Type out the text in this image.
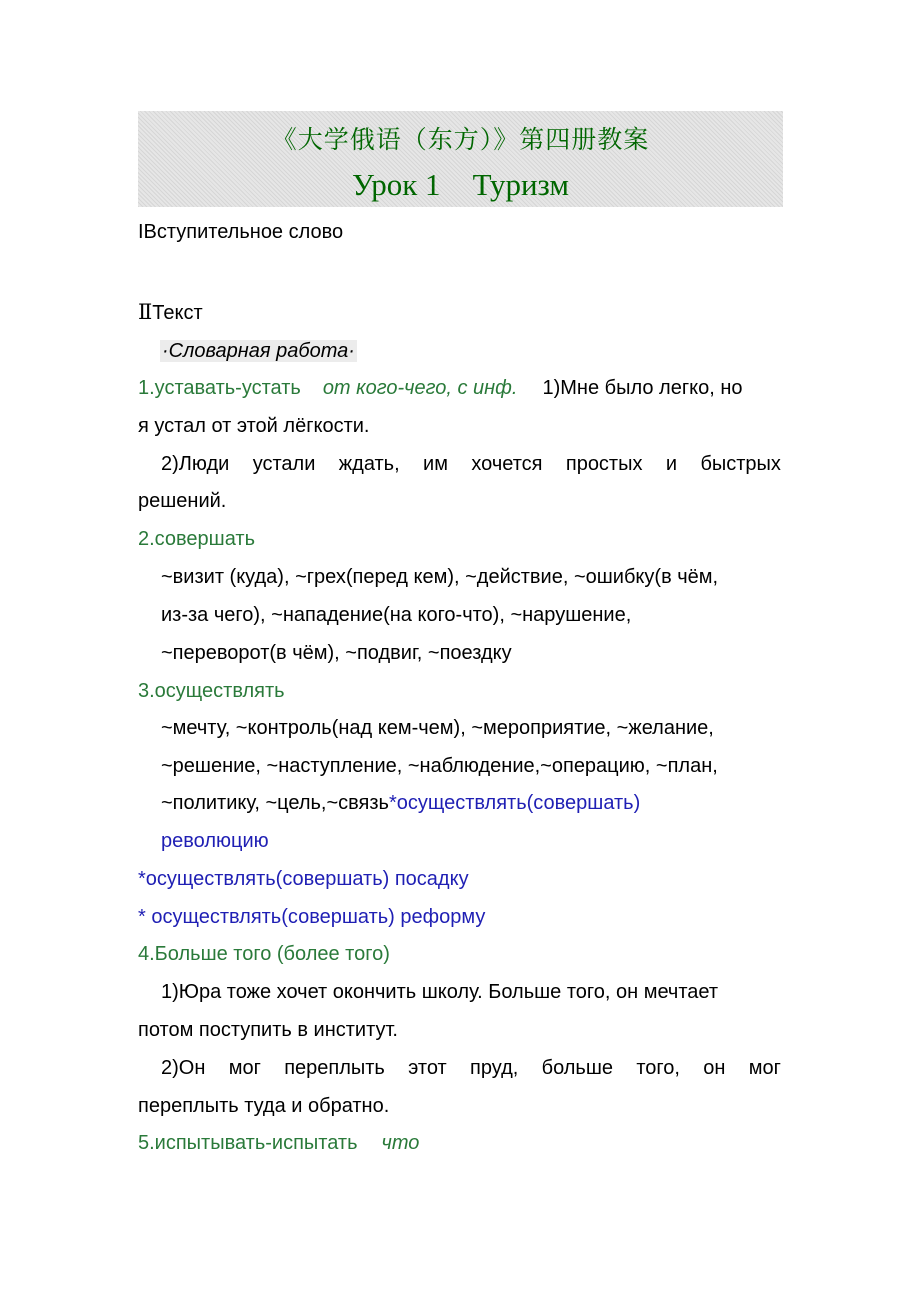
《大学俄语（东方）》第四册教案
Урок 1 Туризм
IВступительное слово
ⅡТекст
·Словарная работа·
1.уставать-устать от кого-чего, с инф. 1)Мне было легко, но
я устал от этой лёгкости.
2)Люди устали ждать, им хочется простых и быстрых
решений.
2.совершать
~визит (куда), ~грех(перед кем), ~действие, ~ошибку(в чём,
из-за чего), ~нападение(на кого-что), ~нарушение,
~переворот(в чём), ~подвиг, ~поездку
3.осуществлять
~мечту, ~контроль(над кем-чем), ~мероприятие, ~желание,
~решение, ~наступление, ~наблюдение,~операцию, ~план,
~политику, ~цель,~связь*осуществлять(совершать)
революцию
*осуществлять(совершать) посадку
* осуществлять(совершать) реформу
4.Больше того (более того)
1)Юра тоже хочет окончить школу. Больше того, он мечтает
потом поступить в институт.
2)Он мог переплыть этот пруд, больше того, он мог
переплыть туда и обратно.
5.испытывать-испытать что
